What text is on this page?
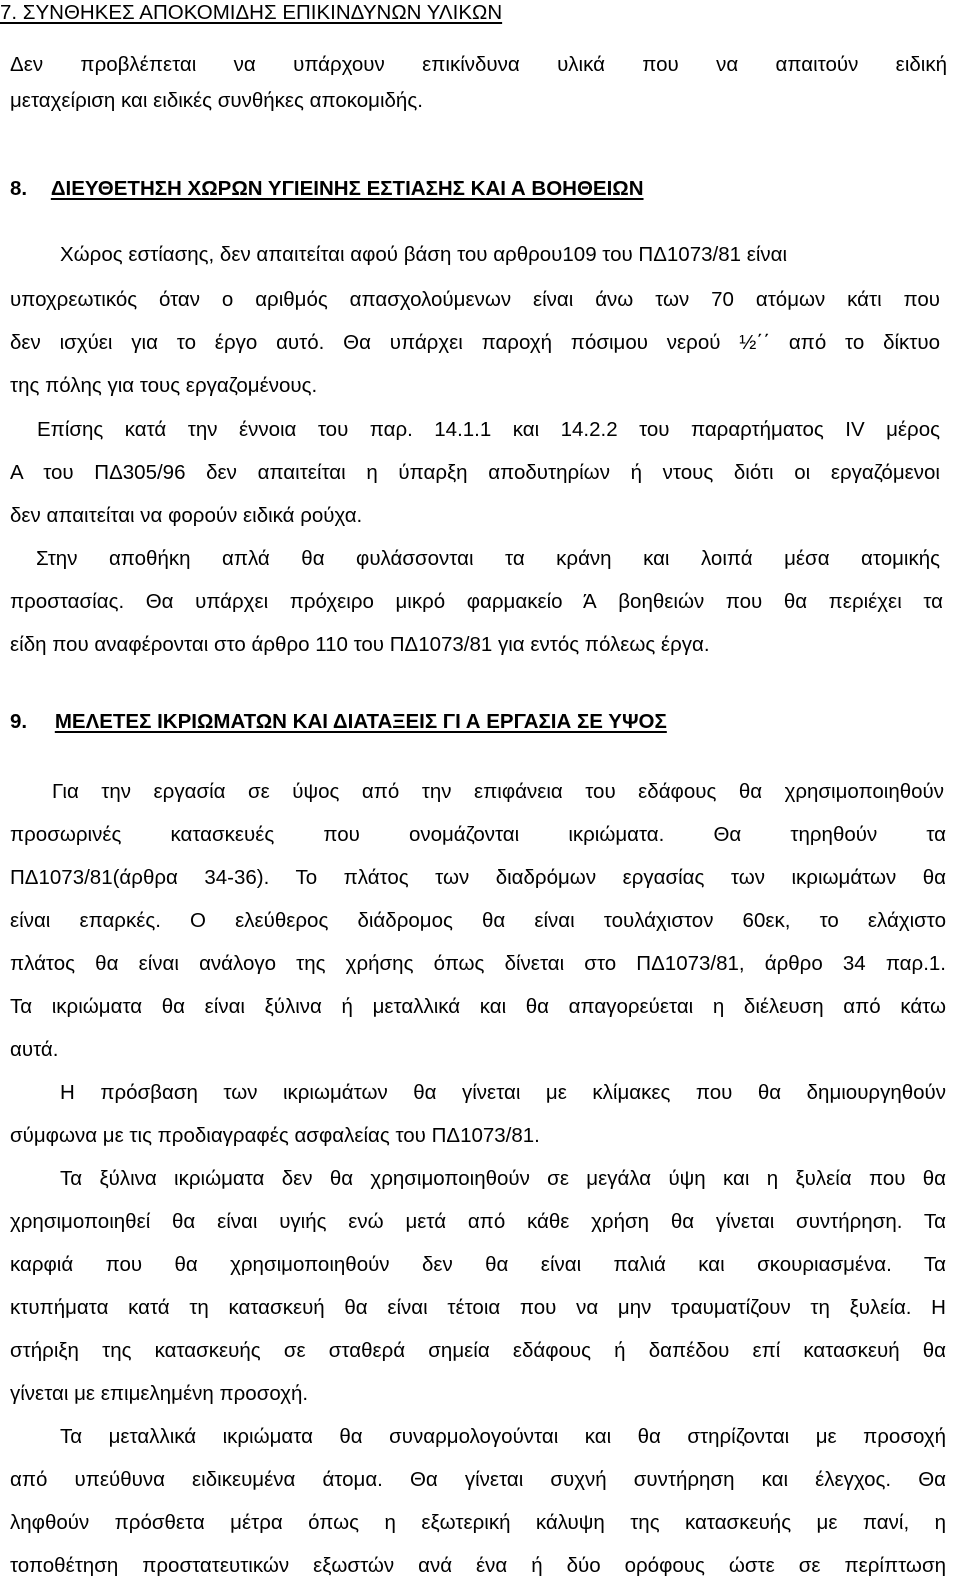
7. ΣΥΝΘΗΚΕΣ ΑΠΟΚΟΜΙΔΗΣ ΕΠΙΚΙΝΔΥΝΩΝ ΥΛΙΚΩΝ
Δεν προβλέπεται να υπάρχουν επικίνδυνα υλικά που να απαιτούν ειδική
μεταχείριση και ειδικές συνθήκες αποκομιδής.
8. ΔΙΕΥΘΕΤΗΣΗ ΧΩΡΩΝ ΥΓΙΕΙΝΗΣ ΕΣΤΙΑΣΗΣ ΚΑΙ Α ΒΟΗΘΕΙΩΝ
Χώρος εστίασης, δεν απαιτείται αφού βάση του αρθρου109 του ΠΔ1073/81 είναι
υποχρεωτικός όταν ο αριθμός απασχολούμενων είναι άνω των 70 ατόμων κάτι που
δεν ισχύει για το έργο αυτό. Θα υπάρχει παροχή πόσιμου νερού ½΄΄ από το δίκτυο
της πόλης για τους εργαζομένους.
Επίσης κατά την έννοια του παρ. 14.1.1 και 14.2.2 του παραρτήματος IV μέρος
Α του ΠΔ305/96 δεν απαιτείται η ύπαρξη αποδυτηρίων ή ντους διότι οι εργαζόμενοι
δεν απαιτείται να φορούν ειδικά ρούχα.
Στην αποθήκη απλά θα φυλάσσονται τα κράνη και λοιπά μέσα ατομικής
προστασίας. Θα υπάρχει πρόχειρο μικρό φαρμακείο Ά βοηθειών που θα περιέχει τα
είδη που αναφέρονται στο άρθρο 110 του ΠΔ1073/81 για εντός πόλεως έργα.
9. ΜΕΛΕΤΕΣ ΙΚΡΙΩΜΑΤΩΝ ΚΑΙ ΔΙΑΤΑΞΕΙΣ ΓΙ Α ΕΡΓΑΣΙΑ ΣΕ ΥΨΟΣ
Για την εργασία σε ύψος από την επιφάνεια του εδάφους θα χρησιμοποιηθούν
προσωρινές κατασκευές που ονομάζονται ικριώματα. Θα τηρηθούν τα
ΠΔ1073/81(άρθρα 34-36). Το πλάτος των διαδρόμων εργασίας των ικριωμάτων θα
είναι επαρκές. Ο ελεύθερος διάδρομος θα είναι τουλάχιστον 60εκ, το ελάχιστο
πλάτος θα είναι ανάλογο της χρήσης όπως δίνεται στο ΠΔ1073/81, άρθρο 34 παρ.1.
Τα ικριώματα θα είναι ξύλινα ή μεταλλικά και θα απαγορεύεται η διέλευση από κάτω
αυτά.
Η πρόσβαση των ικριωμάτων θα γίνεται με κλίμακες που θα δημιουργηθούν
σύμφωνα με τις προδιαγραφές ασφαλείας του ΠΔ1073/81.
Τα ξύλινα ικριώματα δεν θα χρησιμοποιηθούν σε μεγάλα ύψη και η ξυλεία που θα
χρησιμοποιηθεί θα είναι υγιής ενώ μετά από κάθε χρήση θα γίνεται συντήρηση. Τα
καρφιά που θα χρησιμοποιηθούν δεν θα είναι παλιά και σκουριασμένα. Τα
κτυπήματα κατά τη κατασκευή θα είναι τέτοια που να μην τραυματίζουν τη ξυλεία. Η
στήριξη της κατασκευής σε σταθερά σημεία εδάφους ή δαπέδου επί κατασκευή θα
γίνεται με επιμελημένη προσοχή.
Τα μεταλλικά ικριώματα θα συναρμολογούνται και θα στηρίζονται με προσοχή
από υπεύθυνα ειδικευμένα άτομα. Θα γίνεται συχνή συντήρηση και έλεγχος. Θα
ληφθούν πρόσθετα μέτρα όπως η εξωτερική κάλυψη της κατασκευής με πανί, η
τοποθέτηση προστατευτικών εξωστών ανά ένα ή δύο ορόφους ώστε σε περίπτωση
